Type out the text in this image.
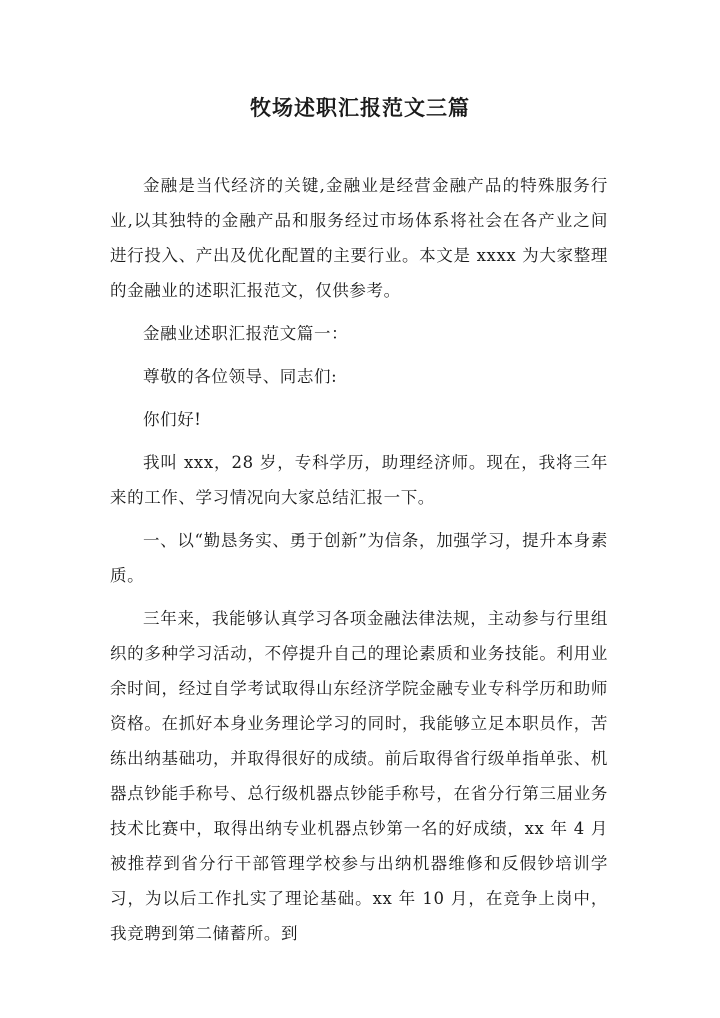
牧场述职汇报范文三篇

金融是当代经济的关键,金融业是经营金融产品的特殊服务行业,以其独特的金融产品和服务经过市场体系将社会在各产业之间进行投入、产出及优化配置的主要行业。本文是 xxxx 为大家整理的金融业的述职汇报范文，仅供参考。

金融业述职汇报范文篇一：

尊敬的各位领导、同志们:

你们好!

我叫 xxx，28 岁，专科学历，助理经济师。现在，我将三年来的工作、学习情况向大家总结汇报一下。

一、以“勤恳务实、勇于创新”为信条，加强学习，提升本身素质。

三年来，我能够认真学习各项金融法律法规，主动参与行里组织的多种学习活动，不停提升自己的理论素质和业务技能。利用业余时间，经过自学考试取得山东经济学院金融专业专科学历和助师资格。在抓好本身业务理论学习的同时，我能够立足本职员作，苦练出纳基础功，并取得很好的成绩。前后取得省行级单指单张、机器点钞能手称号、总行级机器点钞能手称号，在省分行第三届业务技术比赛中，取得出纳专业机器点钞第一名的好成绩，xx 年 4 月被推荐到省分行干部管理学校参与出纳机器维修和反假钞培训学习，为以后工作扎实了理论基础。xx 年 10 月，在竞争上岗中，我竞聘到第二储蓄所。到
